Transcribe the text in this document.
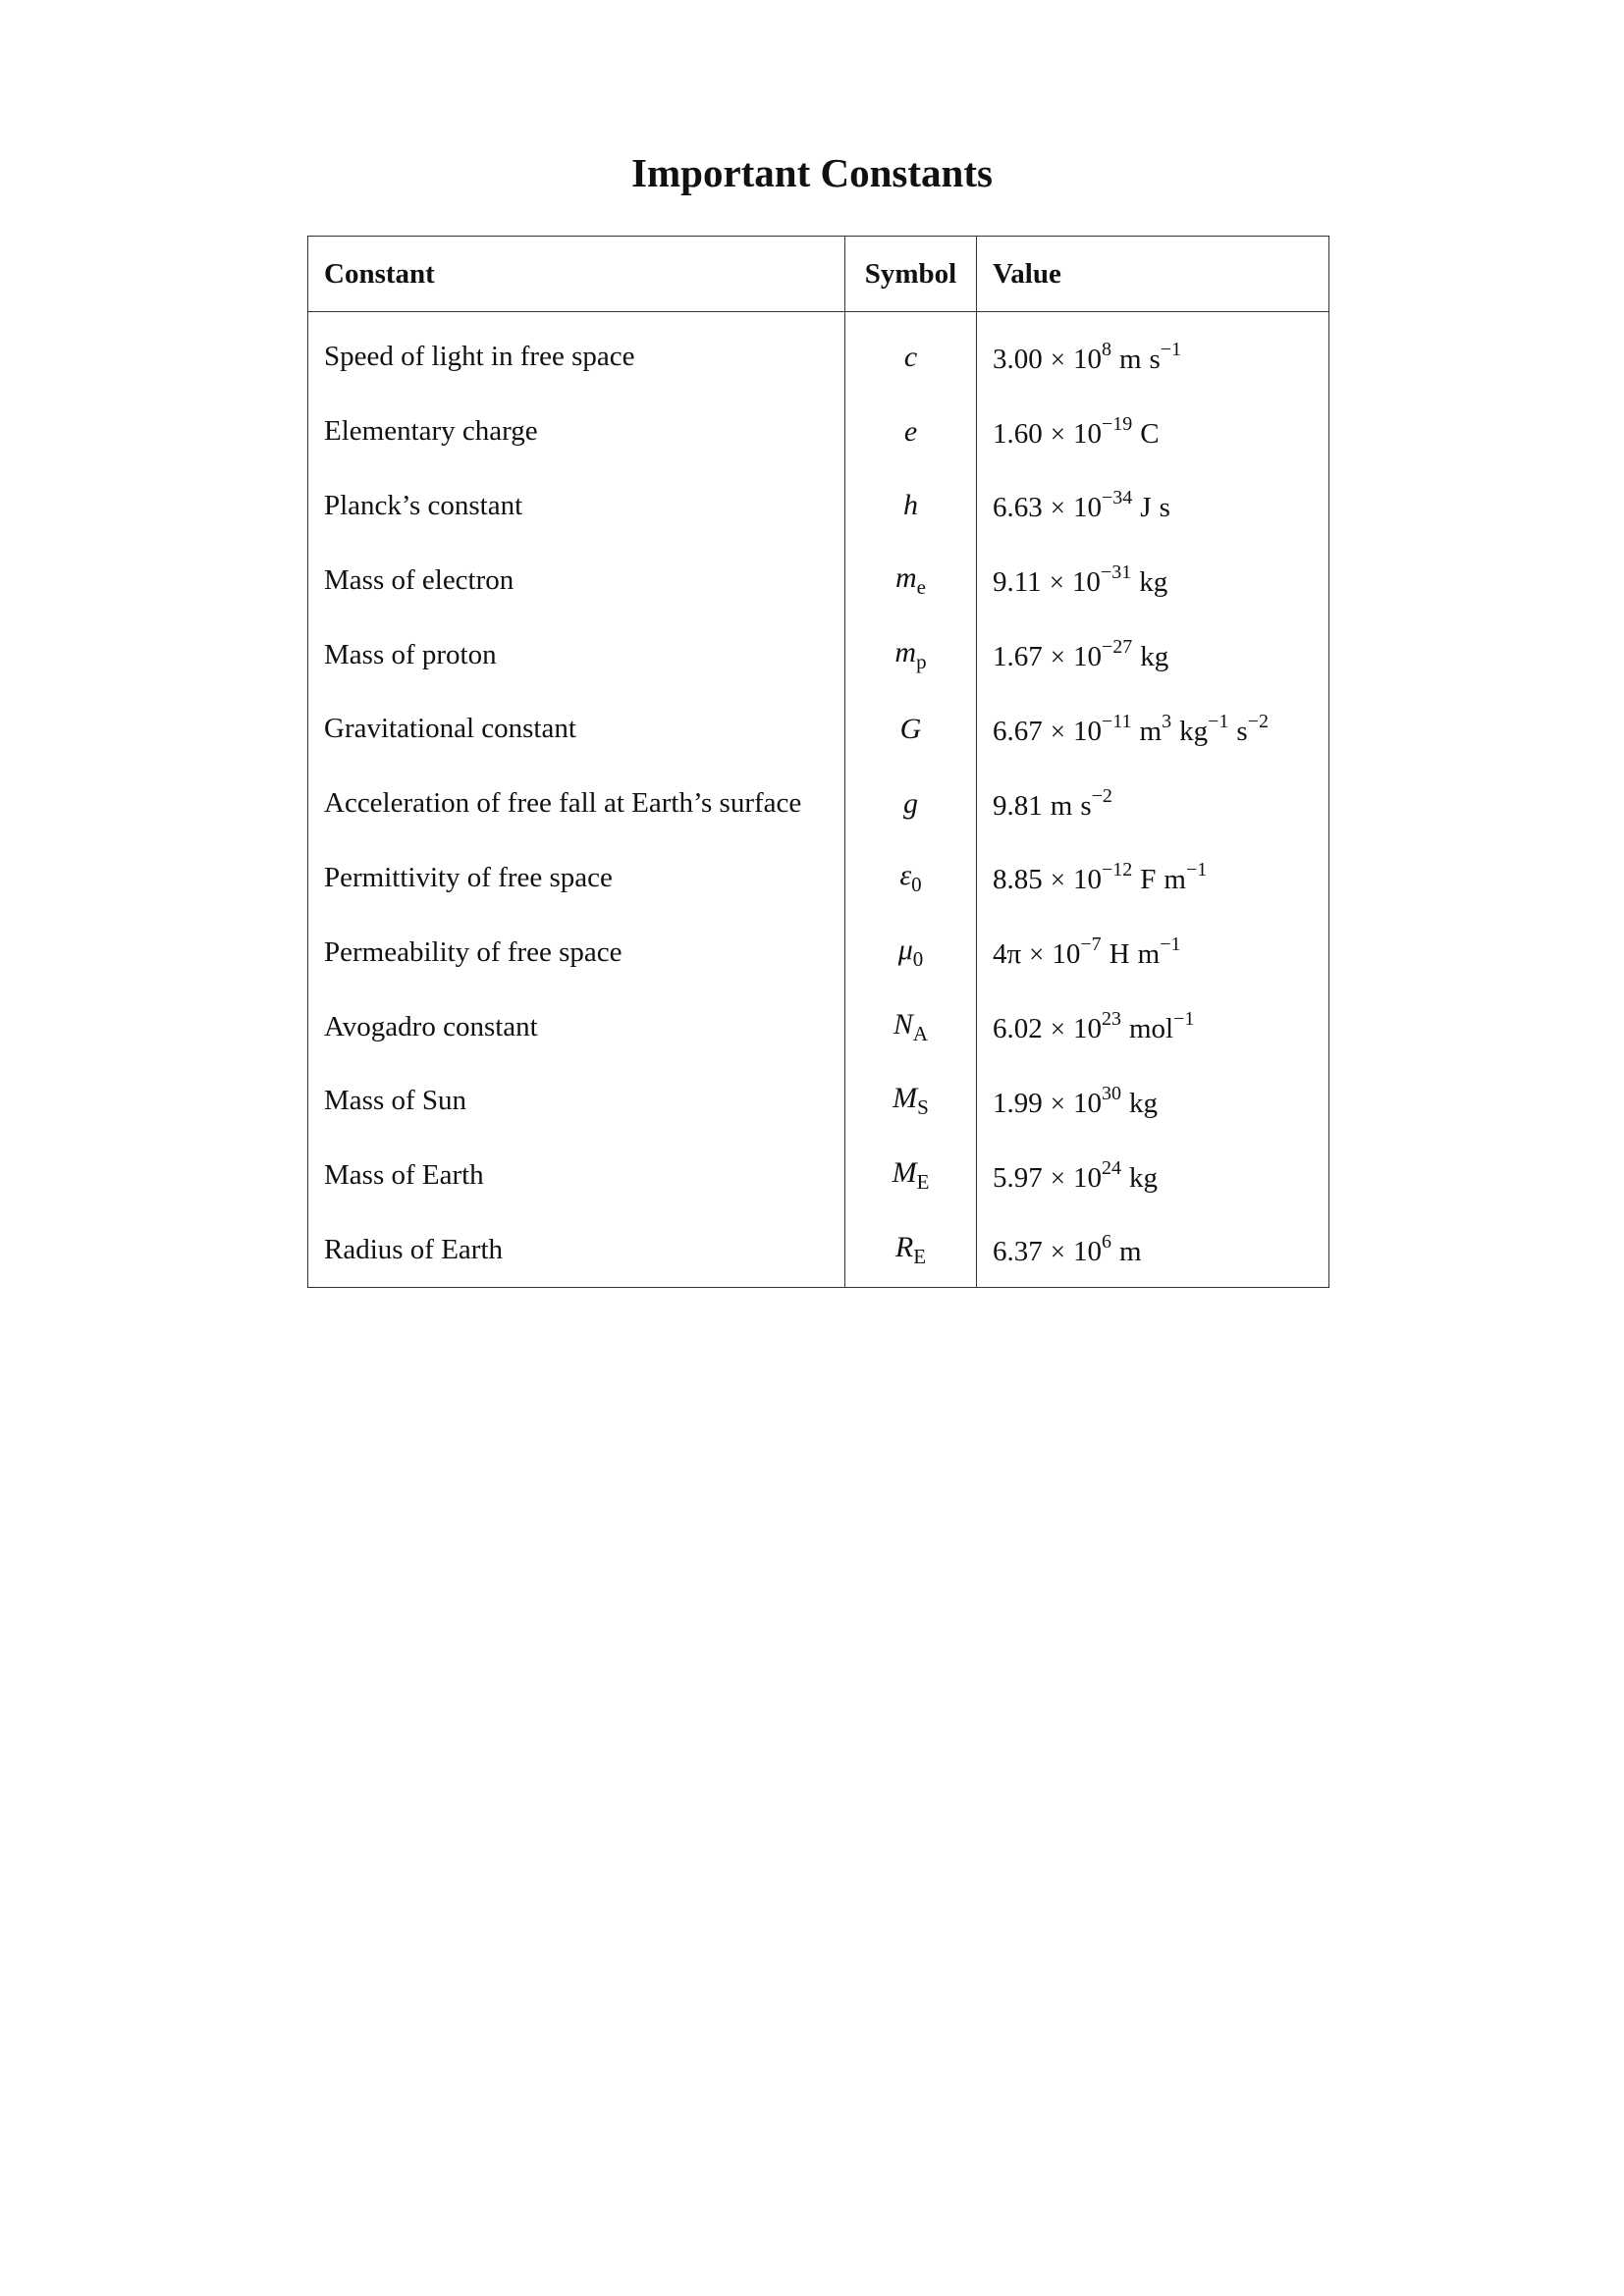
Important Constants
Constant	Symbol	Value
Speed of light in free space	c	$3.00 \times 10^8$ m $s^{-1}$
Elementary charge	e	$1.60 \times 10^{-19}$ C
Planck’s constant	h	$6.63 \times 10^{-34}$ J s
Mass of electron	$m_e$	$9.11 \times 10^{-31}$ kg
Mass of proton	$m_p$	$1.67 \times 10^{-27}$ kg
Gravitational constant	G	$6.67 \times 10^{-11}$ $m^3$ $kg^{-1}$ $s^{-2}$
Acceleration of free fall at Earth’s surface	g	9.81 m $s^{-2}$
Permittivity of free space	$\varepsilon_0$	$8.85 \times 10^{-12}$ F $m^{-1}$
Permeability of free space	$\mu_0$	$4\pi \times 10^{-7}$ H $m^{-1}$
Avogadro constant	$N_A$	$6.02 \times 10^{23}$ mol$^{-1}$
Mass of Sun	$M_S$	$1.99 \times 10^{30}$ kg
Mass of Earth	$M_E$	$5.97 \times 10^{24}$ kg
Radius of Earth	$R_E$	$6.37 \times 10^6$ m
